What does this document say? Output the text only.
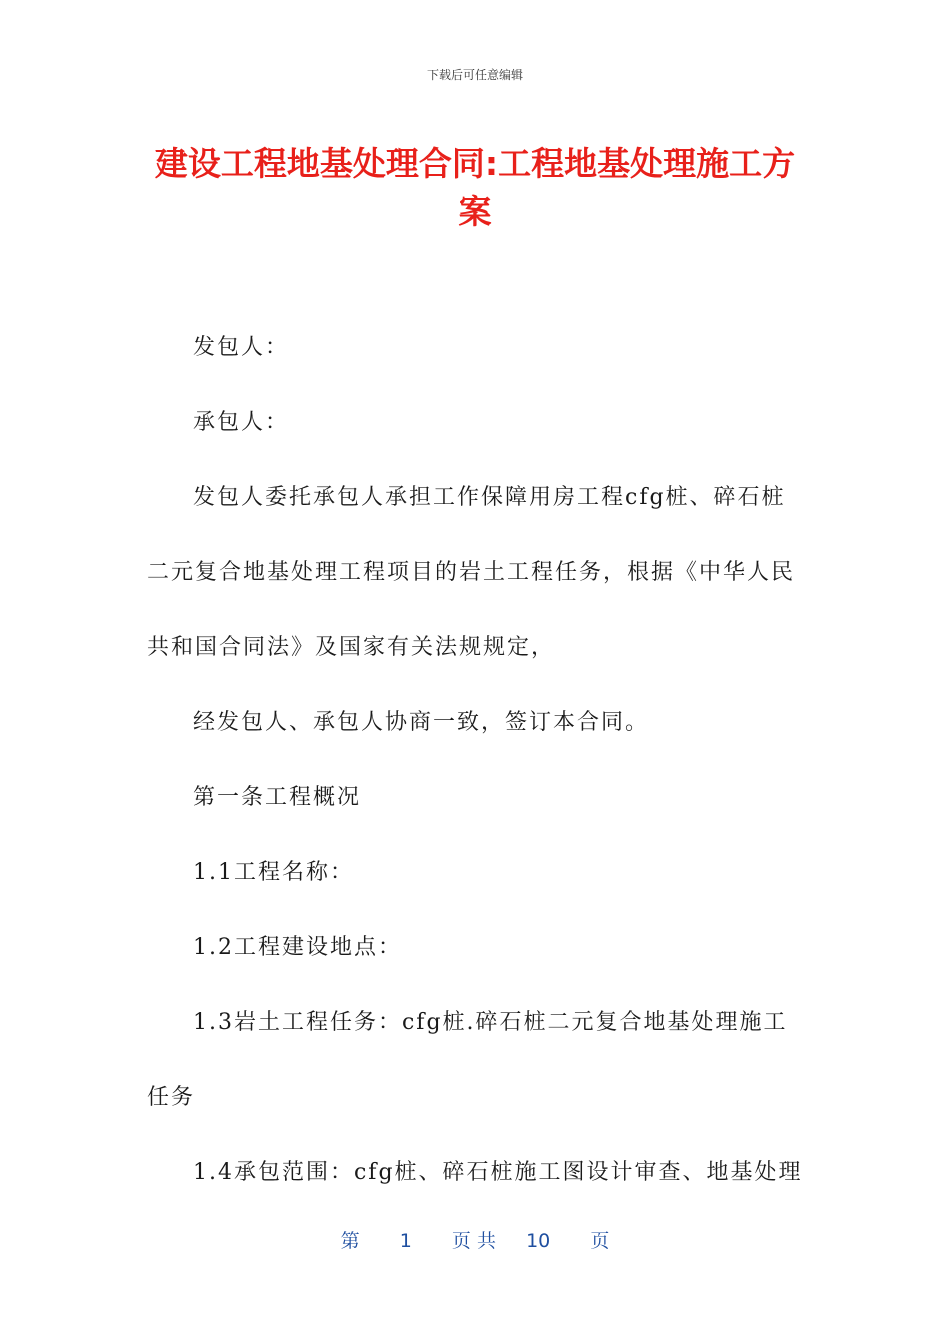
下载后可任意编辑
建设工程地基处理合同:工程地基处理施工方
案
发包人：
承包人：
发包人委托承包人承担工作保障用房工程cfg桩、碎石桩
二元复合地基处理工程项目的岩土工程任务，根据《中华人民
共和国合同法》及国家有关法规规定，
经发包人、承包人协商一致，签订本合同。
第一条工程概况
1.1工程名称：
1.2工程建设地点：
1.3岩土工程任务：cfg桩.碎石桩二元复合地基处理施工
任务
1.4承包范围：cfg桩、碎石桩施工图设计审查、地基处理
第 1 页 共 10 页
